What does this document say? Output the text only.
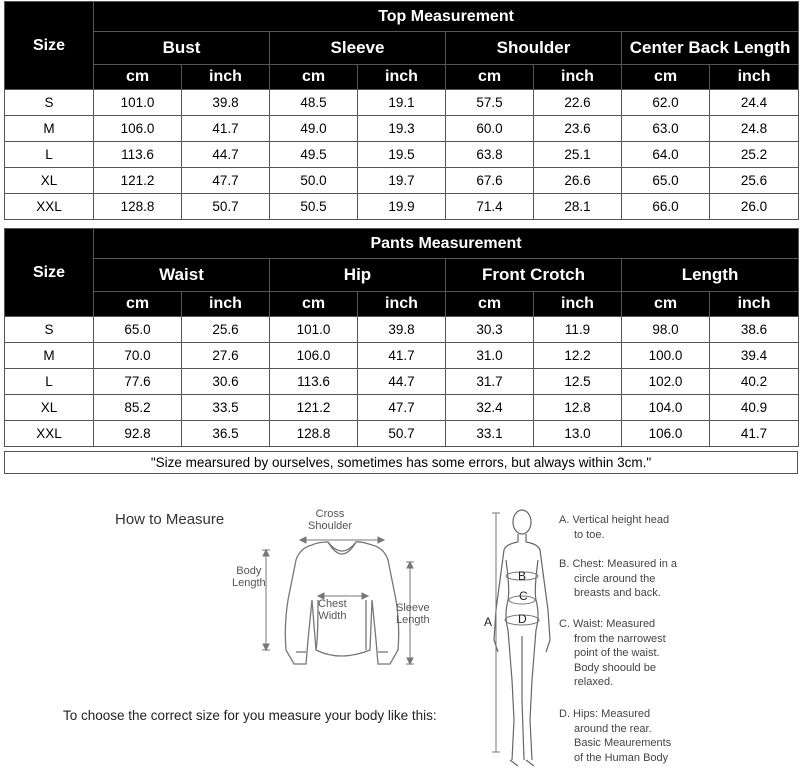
Size	Top Measurement							
	Bust		Sleeve		Shoulder		Center Back Length	
	cm	inch	cm	inch	cm	inch	cm	inch
S	101.0	39.8	48.5	19.1	57.5	22.6	62.0	24.4
M	106.0	41.7	49.0	19.3	60.0	23.6	63.0	24.8
L	113.6	44.7	49.5	19.5	63.8	25.1	64.0	25.2
XL	121.2	47.7	50.0	19.7	67.6	26.6	65.0	25.6
XXL	128.8	50.7	50.5	19.9	71.4	28.1	66.0	26.0
Size	Pants Measurement							
	Waist		Hip		Front Crotch		Length	
	cm	inch	cm	inch	cm	inch	cm	inch
S	65.0	25.6	101.0	39.8	30.3	11.9	98.0	38.6
M	70.0	27.6	106.0	41.7	31.0	12.2	100.0	39.4
L	77.6	30.6	113.6	44.7	31.7	12.5	102.0	40.2
XL	85.2	33.5	121.2	47.7	32.4	12.8	104.0	40.9
XXL	92.8	36.5	128.8	50.7	33.1	13.0	106.0	41.7
"Size mearsured by ourselves, sometimes has some errors, but always within 3cm."
How to Measure	Cross
Shoulder
Body
Length
Chest
Width
Sleeve
Length	A
B
C
D
A. Vertical height head
to toe.
B. Chest: Measured in a
circle around the
breasts and back.
C. Waist: Measured
from the narrowest
point of the waist.
Body shoould be
relaxed.
D. Hips: Measured
around the rear.
Basic Meaurements
of the Human Body
To choose the correct size for you measure your body like this:
